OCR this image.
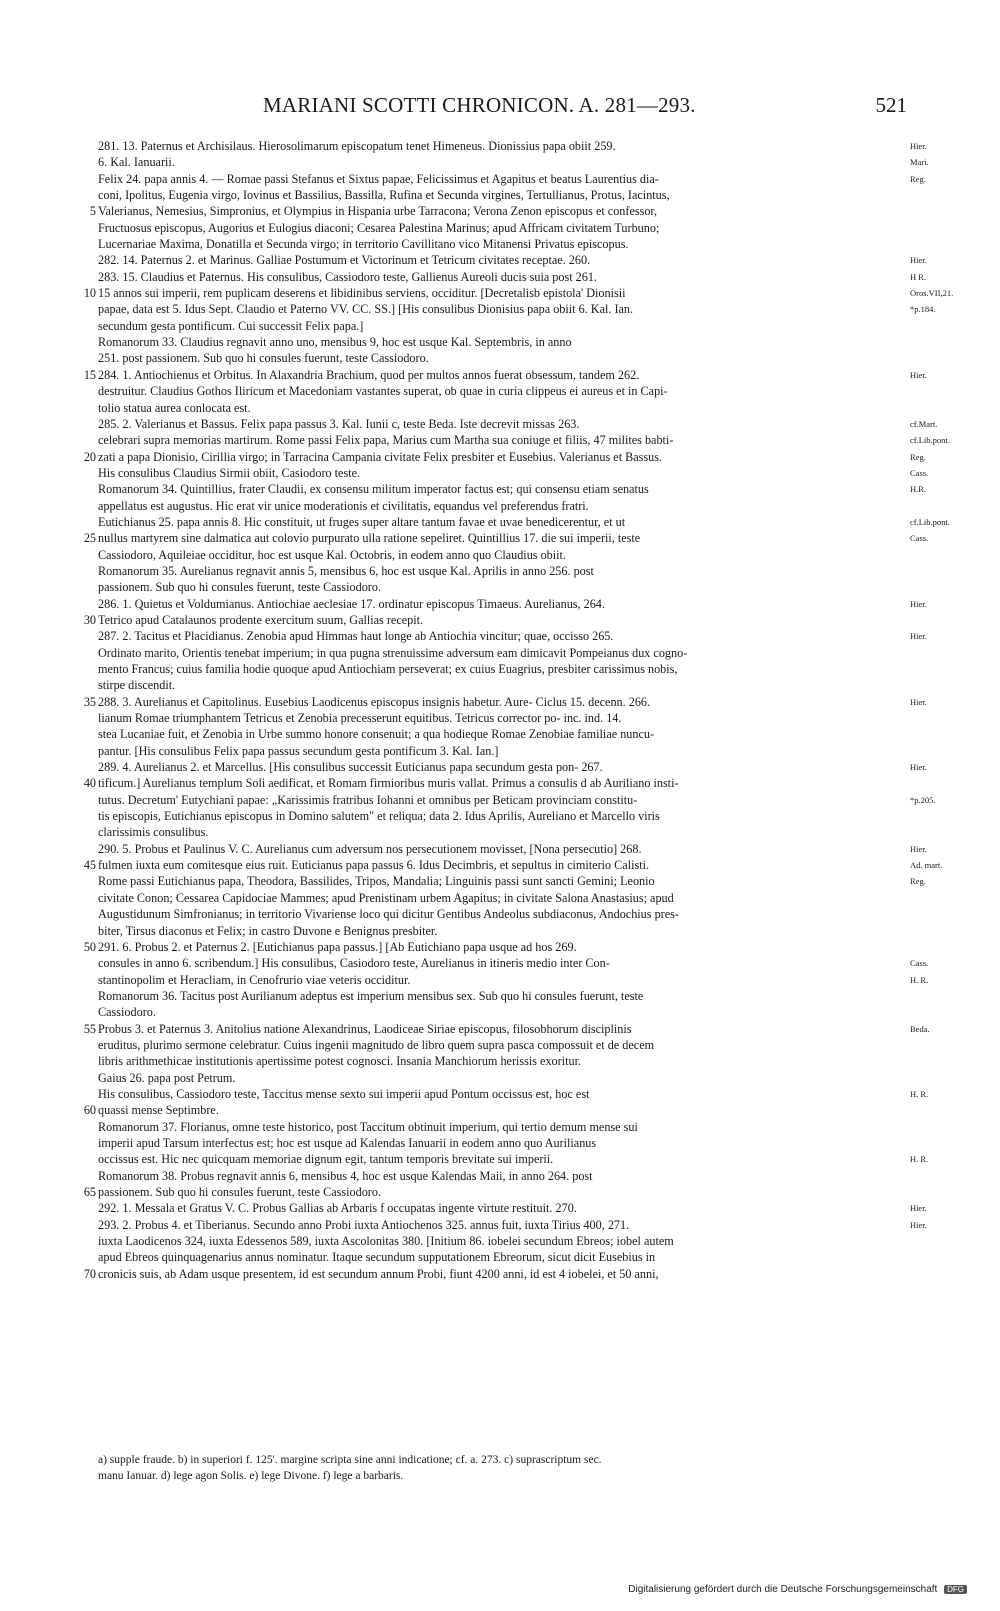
MARIANI SCOTTI CHRONICON. A. 281—293.	521
281. 13. Paternus et Archisilaus. Hierosolimarum episcopatum tenet Himeneus. Dionissius papa obiit 259.	Hier.
6. Kal. Ianuarii.	Mari.
Felix 24. papa annis 4. — Romae passi Stefanus et Sixtus papae, Felicissimus et Agapitus et beatus Laurentius dia-	Reg.
coni, Ipolitus, Eugenia virgo, Iovinus et Bassilius, Bassilla, Rufina et Secunda virgines, Tertullianus, Protus, Iacintus,
5 Valerianus, Nemesius, Simpronius, et Olympius in Hispania urbe Tarracona; Verona Zenon episcopus et confessor,
Fructuosus episcopus, Augorius et Eulogius diaconi; Cesarea Palestina Marinus; apud Affricam civitatem Turbuno;
Lucernariae Maxima, Donatilla et Secunda virgo; in territorio Cavillitano vico Mitanensi Privatus episcopus.
282. 14. Paternus 2. et Marinus. Galliae Postumum et Victorinum et Tetricum civitates receptae. 260.	Hier.
283. 15. Claudius et Paternus. His consulibus, Cassiodoro teste, Gallienus Aureoli ducis suia post 261.	H R.
10 15 annos sui imperii, rem puplicam deserens et libidinibus serviens, occiditur. [Decretalisb epistola' Dionisii	Oros.VII,21.
papae, data est 5. Idus Sept. Claudio et Paterno VV. CC. SS.] [His consulibus Dionisius papa obiit 6. Kal. Ian.	*p.184.
secundum gesta pontificum. Cui successit Felix papa.]
Romanorum 33. Claudius regnavit anno uno, mensibus 9, hoc est usque Kal. Septembris, in anno
251. post passionem. Sub quo hi consules fuerunt, teste Cassiodoro.
15 284. 1. Antiochienus et Orbitus. In Alaxandria Brachium, quod per multos annos fuerat obsessum, tandem 262.	Hier.
destruitur. Claudius Gothos Iliricum et Macedoniam vastantes superat, ob quae in curia clippeus ei aureus et in Capi-
tolio statua aurea conlocata est.
285. 2. Valerianus et Bassus. Felix papa passus 3. Kal. Iunii c, teste Beda. Iste decrevit missas 263.	cf.Mart.
celebrari supra memorias martirum. Rome passi Felix papa, Marius cum Martha sua coniuge et filiis, 47 milites babti-	cf.Lib.pont.
20 zati a papa Dionisio, Cirillia virgo; in Tarracina Campania civitate Felix presbiter et Eusebius. Valerianus et Bassus.	Reg.
His consulibus Claudius Sirmii obiit, Casiodoro teste.	Cass.
Romanorum 34. Quintillius, frater Claudii, ex consensu militum imperator factus est; qui consensu etiam senatus	H.R.
appellatus est augustus. Hic erat vir unice moderationis et civilitatis, equandus vel preferendus fratri.
Eutichianus 25. papa annis 8. Hic constituit, ut fruges super altare tantum favae et uvae benedicerentur, et ut	cf.Lib.pont.
25 nullus martyrem sine dalmatica aut colovio purpurato ulla ratione sepeliret. Quintillius 17. die sui imperii, teste	Cass.
Cassiodoro, Aquileiae occiditur, hoc est usque Kal. Octobris, in eodem anno quo Claudius obiit.
Romanorum 35. Aurelianus regnavit annis 5, mensibus 6, hoc est usque Kal. Aprilis in anno 256. post
passionem. Sub quo hi consules fuerunt, teste Cassiodoro.
286. 1. Quietus et Voldumianus. Antiochiae aeclesiae 17. ordinatur episcopus Timaeus. Aurelianus, 264.	Hier.
30 Tetrico apud Catalaunos prodente exercitum suum, Gallias recepit.
287. 2. Tacitus et Placidianus. Zenobia apud Himmas haut longe ab Antiochia vincitur; quae, occisso 265.	Hier.
Ordinato marito, Orientis tenebat imperium; in qua pugna strenuissime adversum eam dimicavit Pompeianus dux cogno-
mento Francus; cuius familia hodie quoque apud Antiochiam perseverat; ex cuius Euagrius, presbiter carissimus nobis,
stirpe discendit.
35 288. 3. Aurelianus et Capitolinus. Eusebius Laodicenus episcopus insignis habetur. Aure- Ciclus 15. decenn. 266.	Hier.
lianum Romae triumphantem Tetricus et Zenobia precesserunt equitibus. Tetricus corrector po- inc. ind. 14.
stea Lucaniae fuit, et Zenobia in Urbe summo honore consenuit; a qua hodieque Romae Zenobiae familiae nuncu-
pantur. [His consulibus Felix papa passus secundum gesta pontificum 3. Kal. Ian.]
289. 4. Aurelianus 2. et Marcellus. [His consulibus successit Euticianus papa secundum gesta pon- 267.	Hier.
40 tificum.] Aurelianus templum Soli aedificat, et Romam firmioribus muris vallat. Primus a consulis d ab Auriliano insti-
tutus. Decretum' Eutychiani papae: „Karissimis fratribus Iohanni et omnibus per Beticam provinciam constitu-	*p.205.
tis episcopis, Eutichianus episcopus in Domino salutem" et reliqua; data 2. Idus Aprilis, Aureliano et Marcello viris
clarissimis consulibus.
290. 5. Probus et Paulinus V. C. Aurelianus cum adversum nos persecutionem movisset, [Nona persecutio] 268.	Hier.
45 fulmen iuxta eum comitesque eius ruit. Euticianus papa passus 6. Idus Decimbris, et sepultus in cimiterio Calisti.	Ad. mart.
Rome passi Eutichianus papa, Theodora, Bassilides, Tripos, Mandalia; Linguinis passi sunt sancti Gemini; Leonio	Reg.
civitate Conon; Cessarea Capidociae Mammes; apud Prenistinam urbem Agapitus; in civitate Salona Anastasius; apud
Augustidunum Simfronianus; in territorio Vivariense loco qui dicitur Gentibus Andeolus subdiaconus, Andochius pres-
biter, Tirsus diaconus et Felix; in castro Duvone e Benignus presbiter.
50 291. 6. Probus 2. et Paternus 2. [Eutichianus papa passus.] [Ab Eutichiano papa usque ad hos 269.
consules in anno 6. scribendum.] His consulibus, Casiodoro teste, Aurelianus in itineris medio inter Con-	Cass.
stantinopolim et Heracliam, in Cenofrurio viae veteris occiditur.	H. R.
Romanorum 36. Tacitus post Aurilianum adeptus est imperium mensibus sex. Sub quo hi consules fuerunt, teste
Cassiodoro.
55 Probus 3. et Paternus 3. Anitolius natione Alexandrinus, Laodiceae Siriae episcopus, filosobhorum disciplinis	Beda.
eruditus, plurimo sermone celebratur. Cuius ingenii magnitudo de libro quem supra pasca compossuit et de decem
libris arithmethicae institutionis apertissime potest cognosci. Insania Manchiorum herissis exoritur.
Gaius 26. papa post Petrum.
His consulibus, Cassiodoro teste, Taccitus mense sexto sui imperii apud Pontum occissus est, hoc est	H. R.
60 quassi mense Septimbre.
Romanorum 37. Florianus, omne teste historico, post Taccitum obtinuit imperium, qui tertio demum mense sui
imperii apud Tarsum interfectus est; hoc est usque ad Kalendas Ianuarii in eodem anno quo Aurilianus
occissus est. Hic nec quicquam memoriae dignum egit, tantum temporis brevitate sui imperii.	H. R.
Romanorum 38. Probus regnavit annis 6, mensibus 4, hoc est usque Kalendas Maii, in anno 264. post
65 passionem. Sub quo hi consules fuerunt, teste Cassiodoro.
292. 1. Messala et Gratus V. C. Probus Gallias ab Arbaris f occupatas ingente virtute restituit. 270.	Hier.
293. 2. Probus 4. et Tiberianus. Secundo anno Probi iuxta Antiochenos 325. annus fuit, iuxta Tirius 400, 271.	Hier.
iuxta Laodicenos 324, iuxta Edessenos 589, iuxta Ascolonitas 380. [Initium 86. iobelei secundum Ebreos; iobel autem
apud Ebreos quinquagenarius annus nominatur. Itaque secundum supputationem Ebreorum, sicut dicit Eusebius in
70 cronicis suis, ab Adam usque presentem, id est secundum annum Probi, fiunt 4200 anni, id est 4 iobelei, et 50 anni,
a) supple fraude. b) in superiori f. 125'. margine scripta sine anni indicatione; cf. a. 273. c) suprascriptum sec.
manu Ianuar. d) lege agon Solis. e) lege Divone. f) lege a barbaris.
Digitalisierung gefördert durch die Deutsche Forschungsgemeinschaft DFG
